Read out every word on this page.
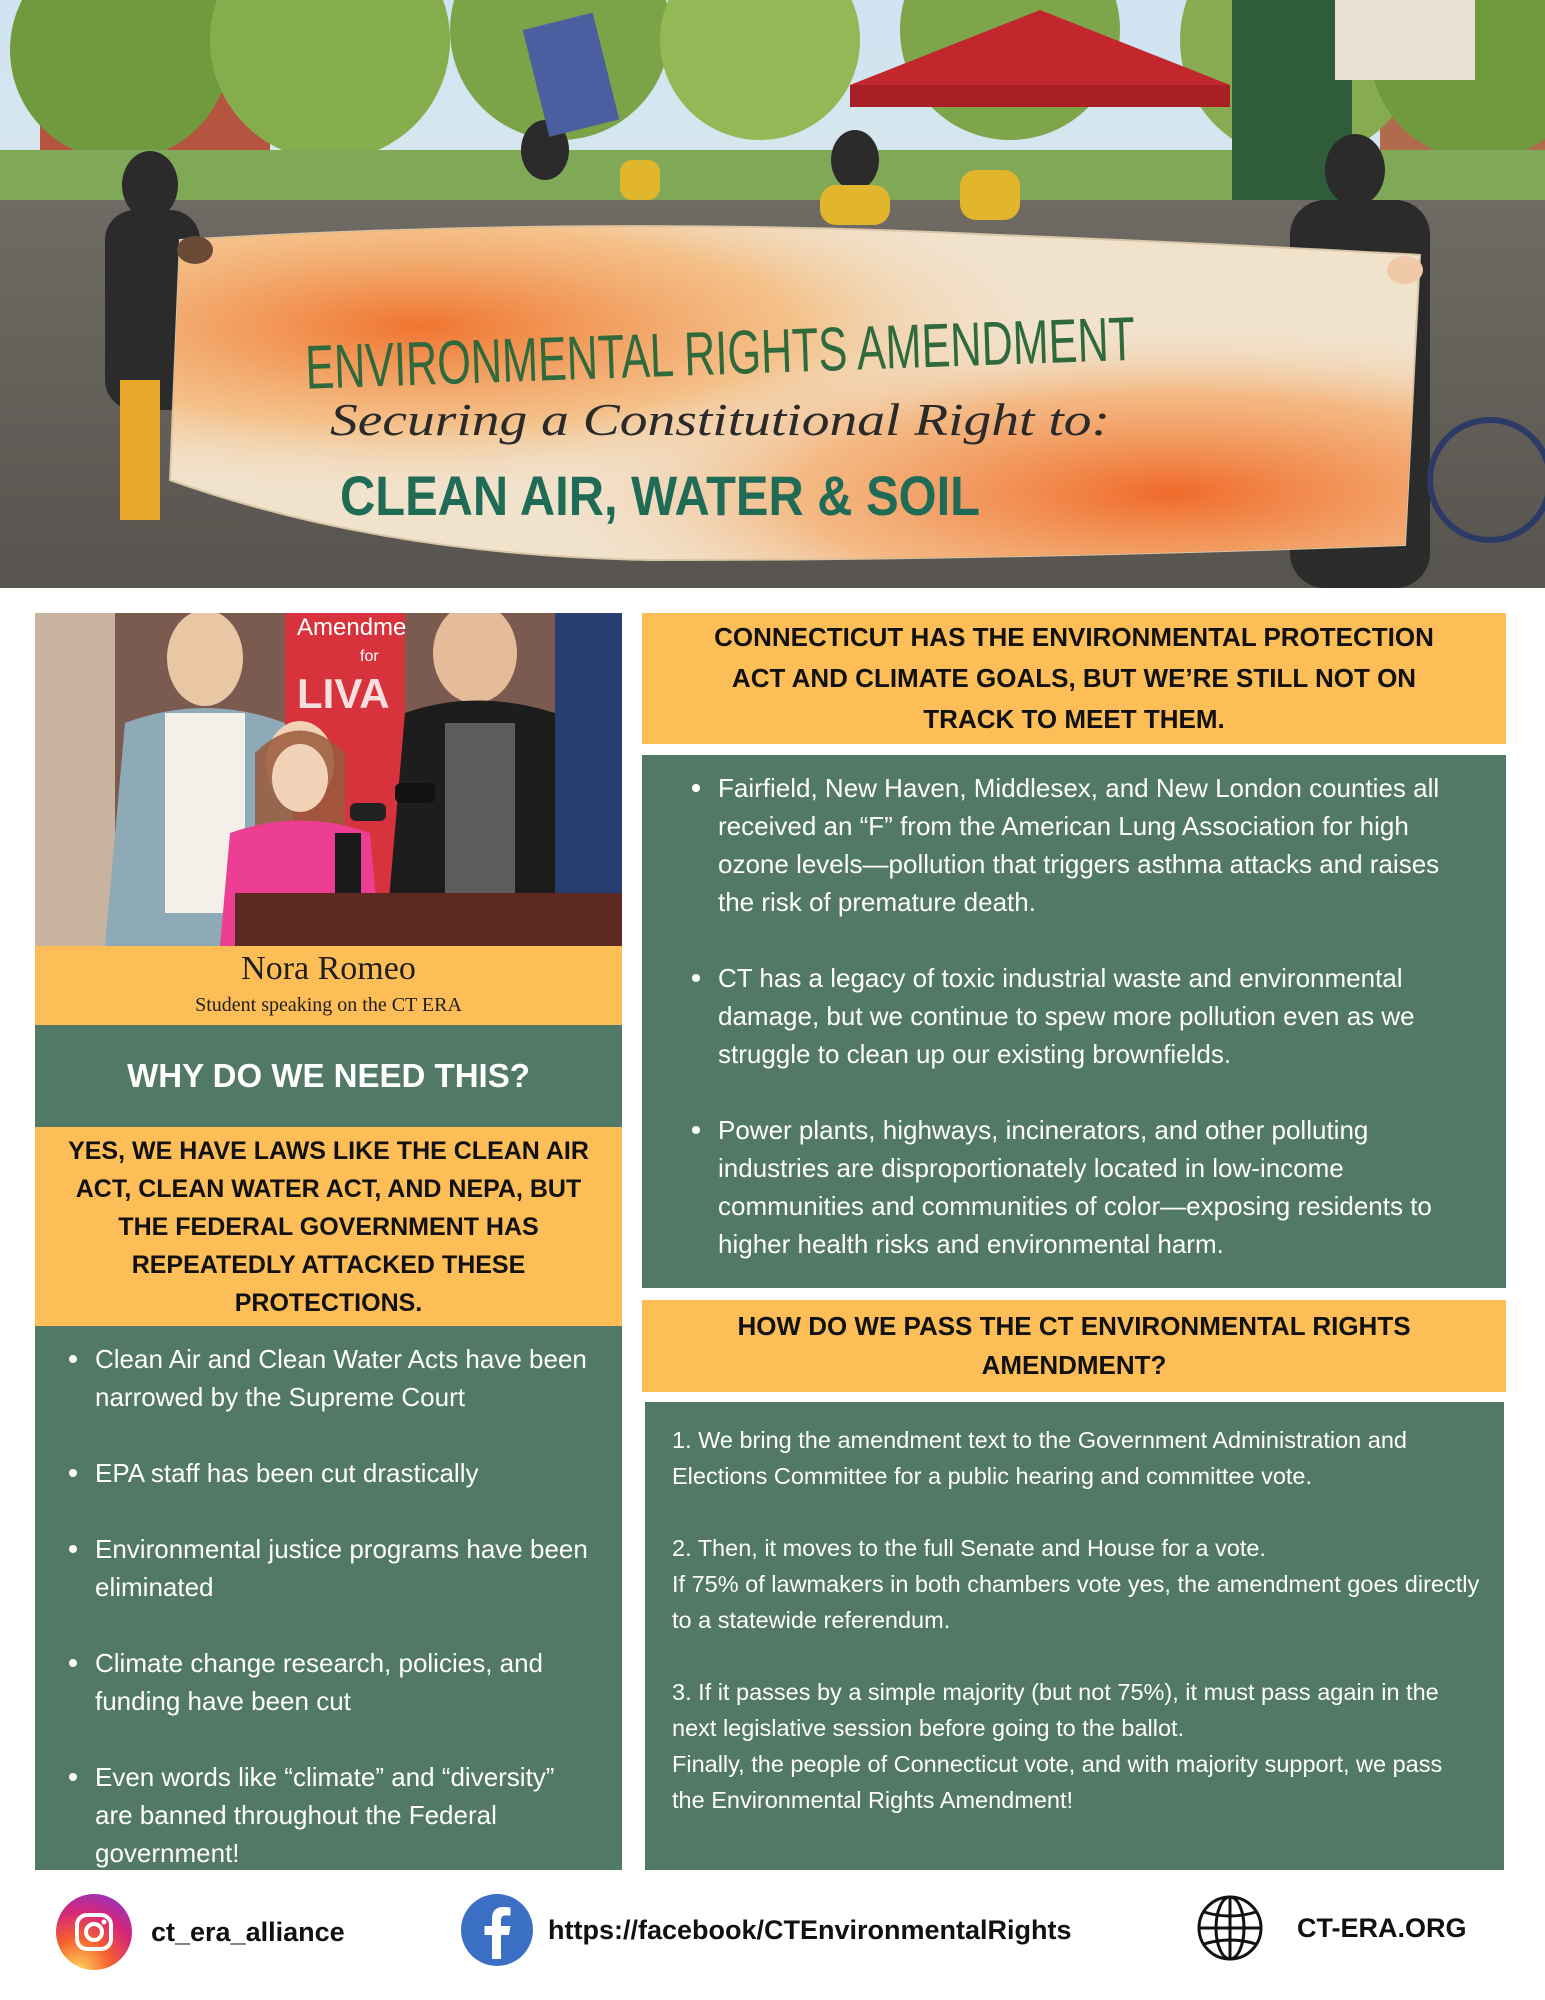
ENVIRONMENTAL RIGHTS AMENDMENT
Securing a Constitutional Right to:
CLEAN AIR, WATER & SOIL
Amendme
for
LIVA
Nora Romeo
Student speaking on the CT ERA
WHY DO WE NEED THIS?
YES, WE HAVE LAWS LIKE THE CLEAN AIR ACT, CLEAN WATER ACT, AND NEPA, BUT THE FEDERAL GOVERNMENT HAS REPEATEDLY ATTACKED THESE PROTECTIONS.
Clean Air and Clean Water Acts have been narrowed by the Supreme Court
EPA staff has been cut drastically
Environmental justice programs have been eliminated
Climate change research, policies, and funding have been cut
Even words like “climate” and “diversity” are banned throughout the Federal government!
CONNECTICUT HAS THE ENVIRONMENTAL PROTECTION ACT AND CLIMATE GOALS, BUT WE’RE STILL NOT ON TRACK TO MEET THEM.
Fairfield, New Haven, Middlesex, and New London counties all received an “F” from the American Lung Association for high ozone levels—pollution that triggers asthma attacks and raises the risk of premature death.
CT has a legacy of toxic industrial waste and environmental damage, but we continue to spew more pollution even as we struggle to clean up our existing brownfields.
Power plants, highways, incinerators, and other polluting industries are disproportionately located in low-income communities and communities of color—exposing residents to higher health risks and environmental harm.
HOW DO WE PASS THE CT ENVIRONMENTAL RIGHTS AMENDMENT?

1. We bring the amendment text to the Government Administration and Elections Committee for a public hearing and committee vote.

2. Then, it moves to the full Senate and House for a vote.

If 75% of lawmakers in both chambers vote yes, the amendment goes directly to a statewide referendum.

3. If it passes by a simple majority (but not 75%), it must pass again in the next legislative session before going to the ballot.

Finally, the people of Connecticut vote, and with majority support, we pass the Environmental Rights Amendment!

ct_era_alliance	https://facebook/CTEnvironmentalRights	CT-ERA.ORG
